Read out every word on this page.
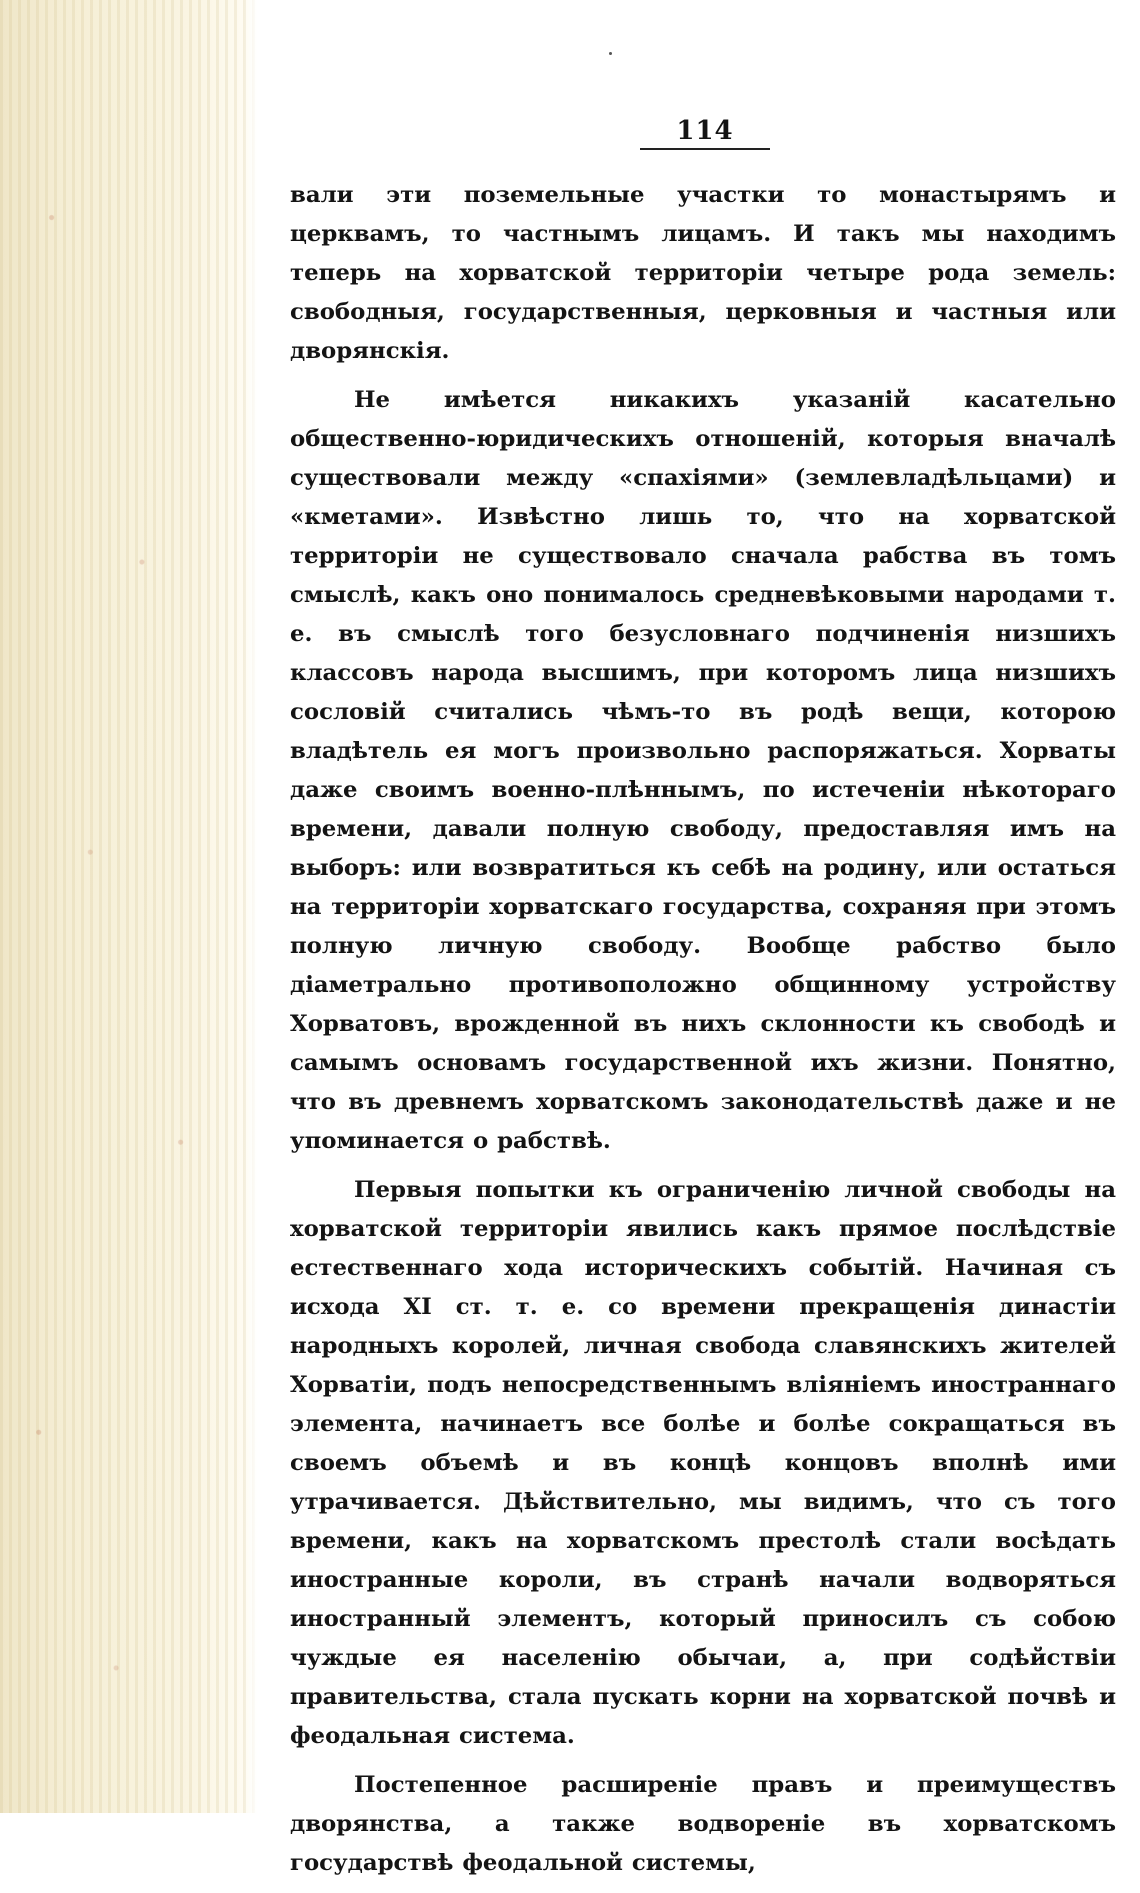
114

вали эти поземельные участки то монастырямъ и церквамъ, то частнымъ лицамъ. И такъ мы находимъ теперь на хорватской территоріи четыре рода земель: свободныя, государственныя, церковныя и частныя или дворянскія.

Не имѣется никакихъ указаній касательно общественно-юридическихъ отношеній, которыя вначалѣ существовали между «спахіями» (землевладѣльцами) и «кметами». Извѣстно лишь то, что на хорватской территоріи не существовало сначала рабства въ томъ смыслѣ, какъ оно понималось средневѣковыми народами т. е. въ смыслѣ того безусловнаго подчиненія низшихъ классовъ народа высшимъ, при которомъ лица низшихъ сословій считались чѣмъ-то въ родѣ вещи, которою владѣтель ея могъ произвольно распоряжаться. Хорваты даже своимъ военно-плѣннымъ, по истеченіи нѣкотораго времени, давали полную свободу, предоставляя имъ на выборъ: или возвратиться къ себѣ на родину, или остаться на территоріи хорватскаго государства, сохраняя при этомъ полную личную свободу. Вообще рабство было діаметрально противоположно общинному устройству Хорватовъ, врожденной въ нихъ склонности къ свободѣ и самымъ основамъ государственной ихъ жизни. Понятно, что въ древнемъ хорватскомъ законодательствѣ даже и не упоминается о рабствѣ.

Первыя попытки къ ограниченію личной свободы на хорватской территоріи явились какъ прямое послѣдствіе естественнаго хода историческихъ событій. Начиная съ исхода XI ст. т. е. со времени прекращенія династіи народныхъ королей, личная свобода славянскихъ жителей Хорватіи, подъ непосредственнымъ вліяніемъ иностраннаго элемента, начинаетъ все болѣе и болѣе сокращаться въ своемъ объемѣ и въ концѣ концовъ вполнѣ ими утрачивается. Дѣйствительно, мы видимъ, что съ того времени, какъ на хорватскомъ престолѣ стали восѣдать иностранные короли, въ странѣ начали водворяться иностранный элементъ, который приносилъ съ собою чуждые ея населенію обычаи, а, при содѣйствіи правительства, стала пускать корни на хорватской почвѣ и феодальная система.

Постепенное расширеніе правъ и преимуществъ дворянства, а также водвореніе въ хорватскомъ государствѣ феодальной системы,
